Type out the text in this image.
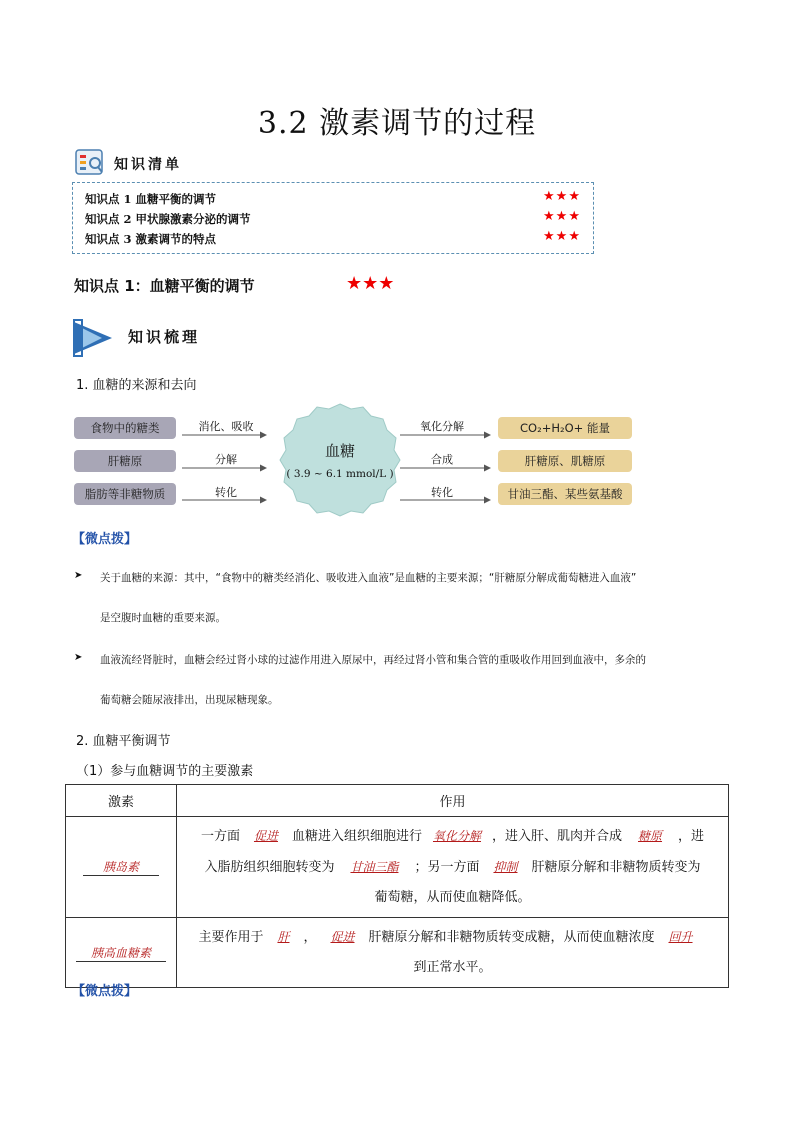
3.2 激素调节的过程
知识清单
知识点 1 血糖平衡的调节	★★★
知识点 2 甲状腺激素分泌的调节	★★★
知识点 3 激素调节的特点	★★★
知识点 1：血糖平衡的调节	★★★
知识梳理
1. 血糖的来源和去向
食物中的糖类
肝糖原
脂肪等非糖物质
消化、吸收
分解
转化
血糖
( 3.9 ~ 6.1 mmol/L )
氧化分解
合成
转化
CO₂+H₂O+ 能量
肝糖原、肌糖原
甘油三酯、某些氨基酸
【微点拨】
➤ 关于血糖的来源：其中，“食物中的糖类经消化、吸收进入血液”是血糖的主要来源；“肝糖原分解成葡萄糖进入血液”
是空腹时血糖的重要来源。
➤ 血液流经肾脏时，血糖会经过肾小球的过滤作用进入原尿中，再经过肾小管和集合管的重吸收作用回到血液中，多余的
葡萄糖会随尿液排出，出现尿糖现象。
2. 血糖平衡调节
（1）参与血糖调节的主要激素
激素	作用
胰岛素	一方面 促进 血糖进入组织细胞进行 氧化分解 ，进入肝、肌肉并合成 糖原 ，进
入脂肪组织细胞转变为 甘油三酯 ；另一方面 抑制 肝糖原分解和非糖物质转变为
葡萄糖，从而使血糖降低。
胰高血糖素	主要作用于 肝 ， 促进 肝糖原分解和非糖物质转变成糖，从而使血糖浓度 回升
到正常水平。
【微点拨】
